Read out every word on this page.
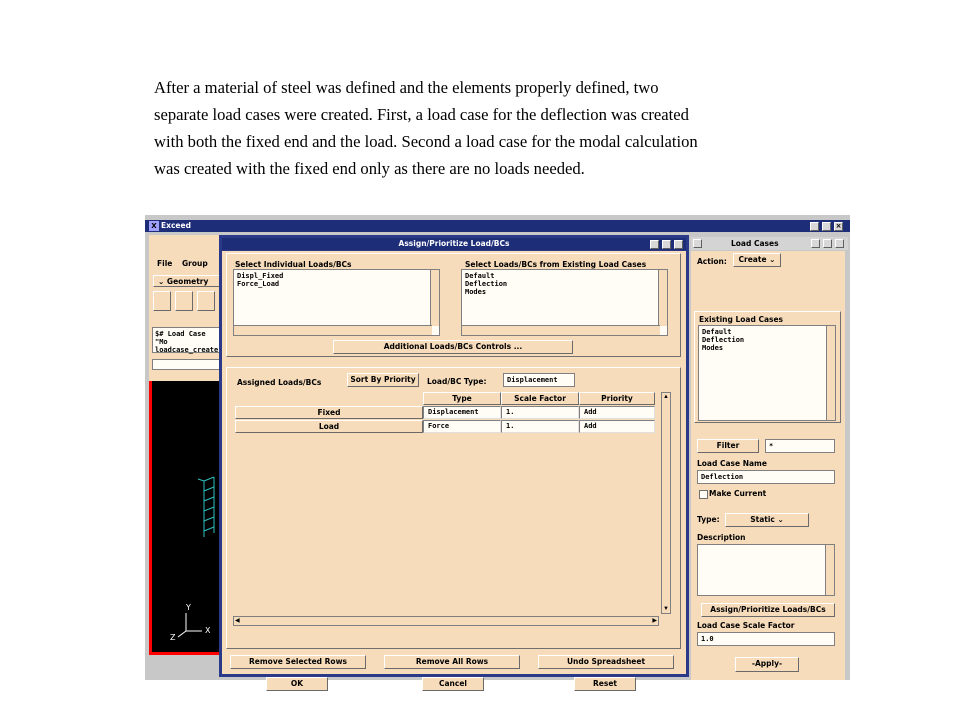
After a material of steel was defined and the elements properly defined, two
separate load cases were created. First, a load case for the deflection was created
with both the fixed end and the load. Second a load case for the modal calculation
was created with the fixed end only as there are no loads needed.
X Exceed	×
File Group
⌄ Geometry
$# Load Case "Mo
loadcase_create
Y
X
Z
Assign/Prioritize Load/BCs
Select Individual Loads/BCs
Displ_Fixed
Force_Load
Select Loads/BCs from Existing Load Cases
Default
Deflection
Modes
Additional Loads/BCs Controls ...
Assigned Loads/BCs	Sort By Priority	Load/BC Type:	Displacement
Type	Scale Factor	Priority
Fixed	Displacement	1.	Add
Load	Force	1.	Add
▲
▼
◀	▶
Remove Selected Rows	Remove All Rows	Undo Spreadsheet
OK	Cancel	Reset
Load Cases
Action:	Create ⌄
Existing Load Cases
Default
Deflection
Modes
Filter	*
Load Case Name
Deflection
Make Current
Type:	Static ⌄
Description
Assign/Prioritize Loads/BCs
Load Case Scale Factor
1.0
-Apply-
